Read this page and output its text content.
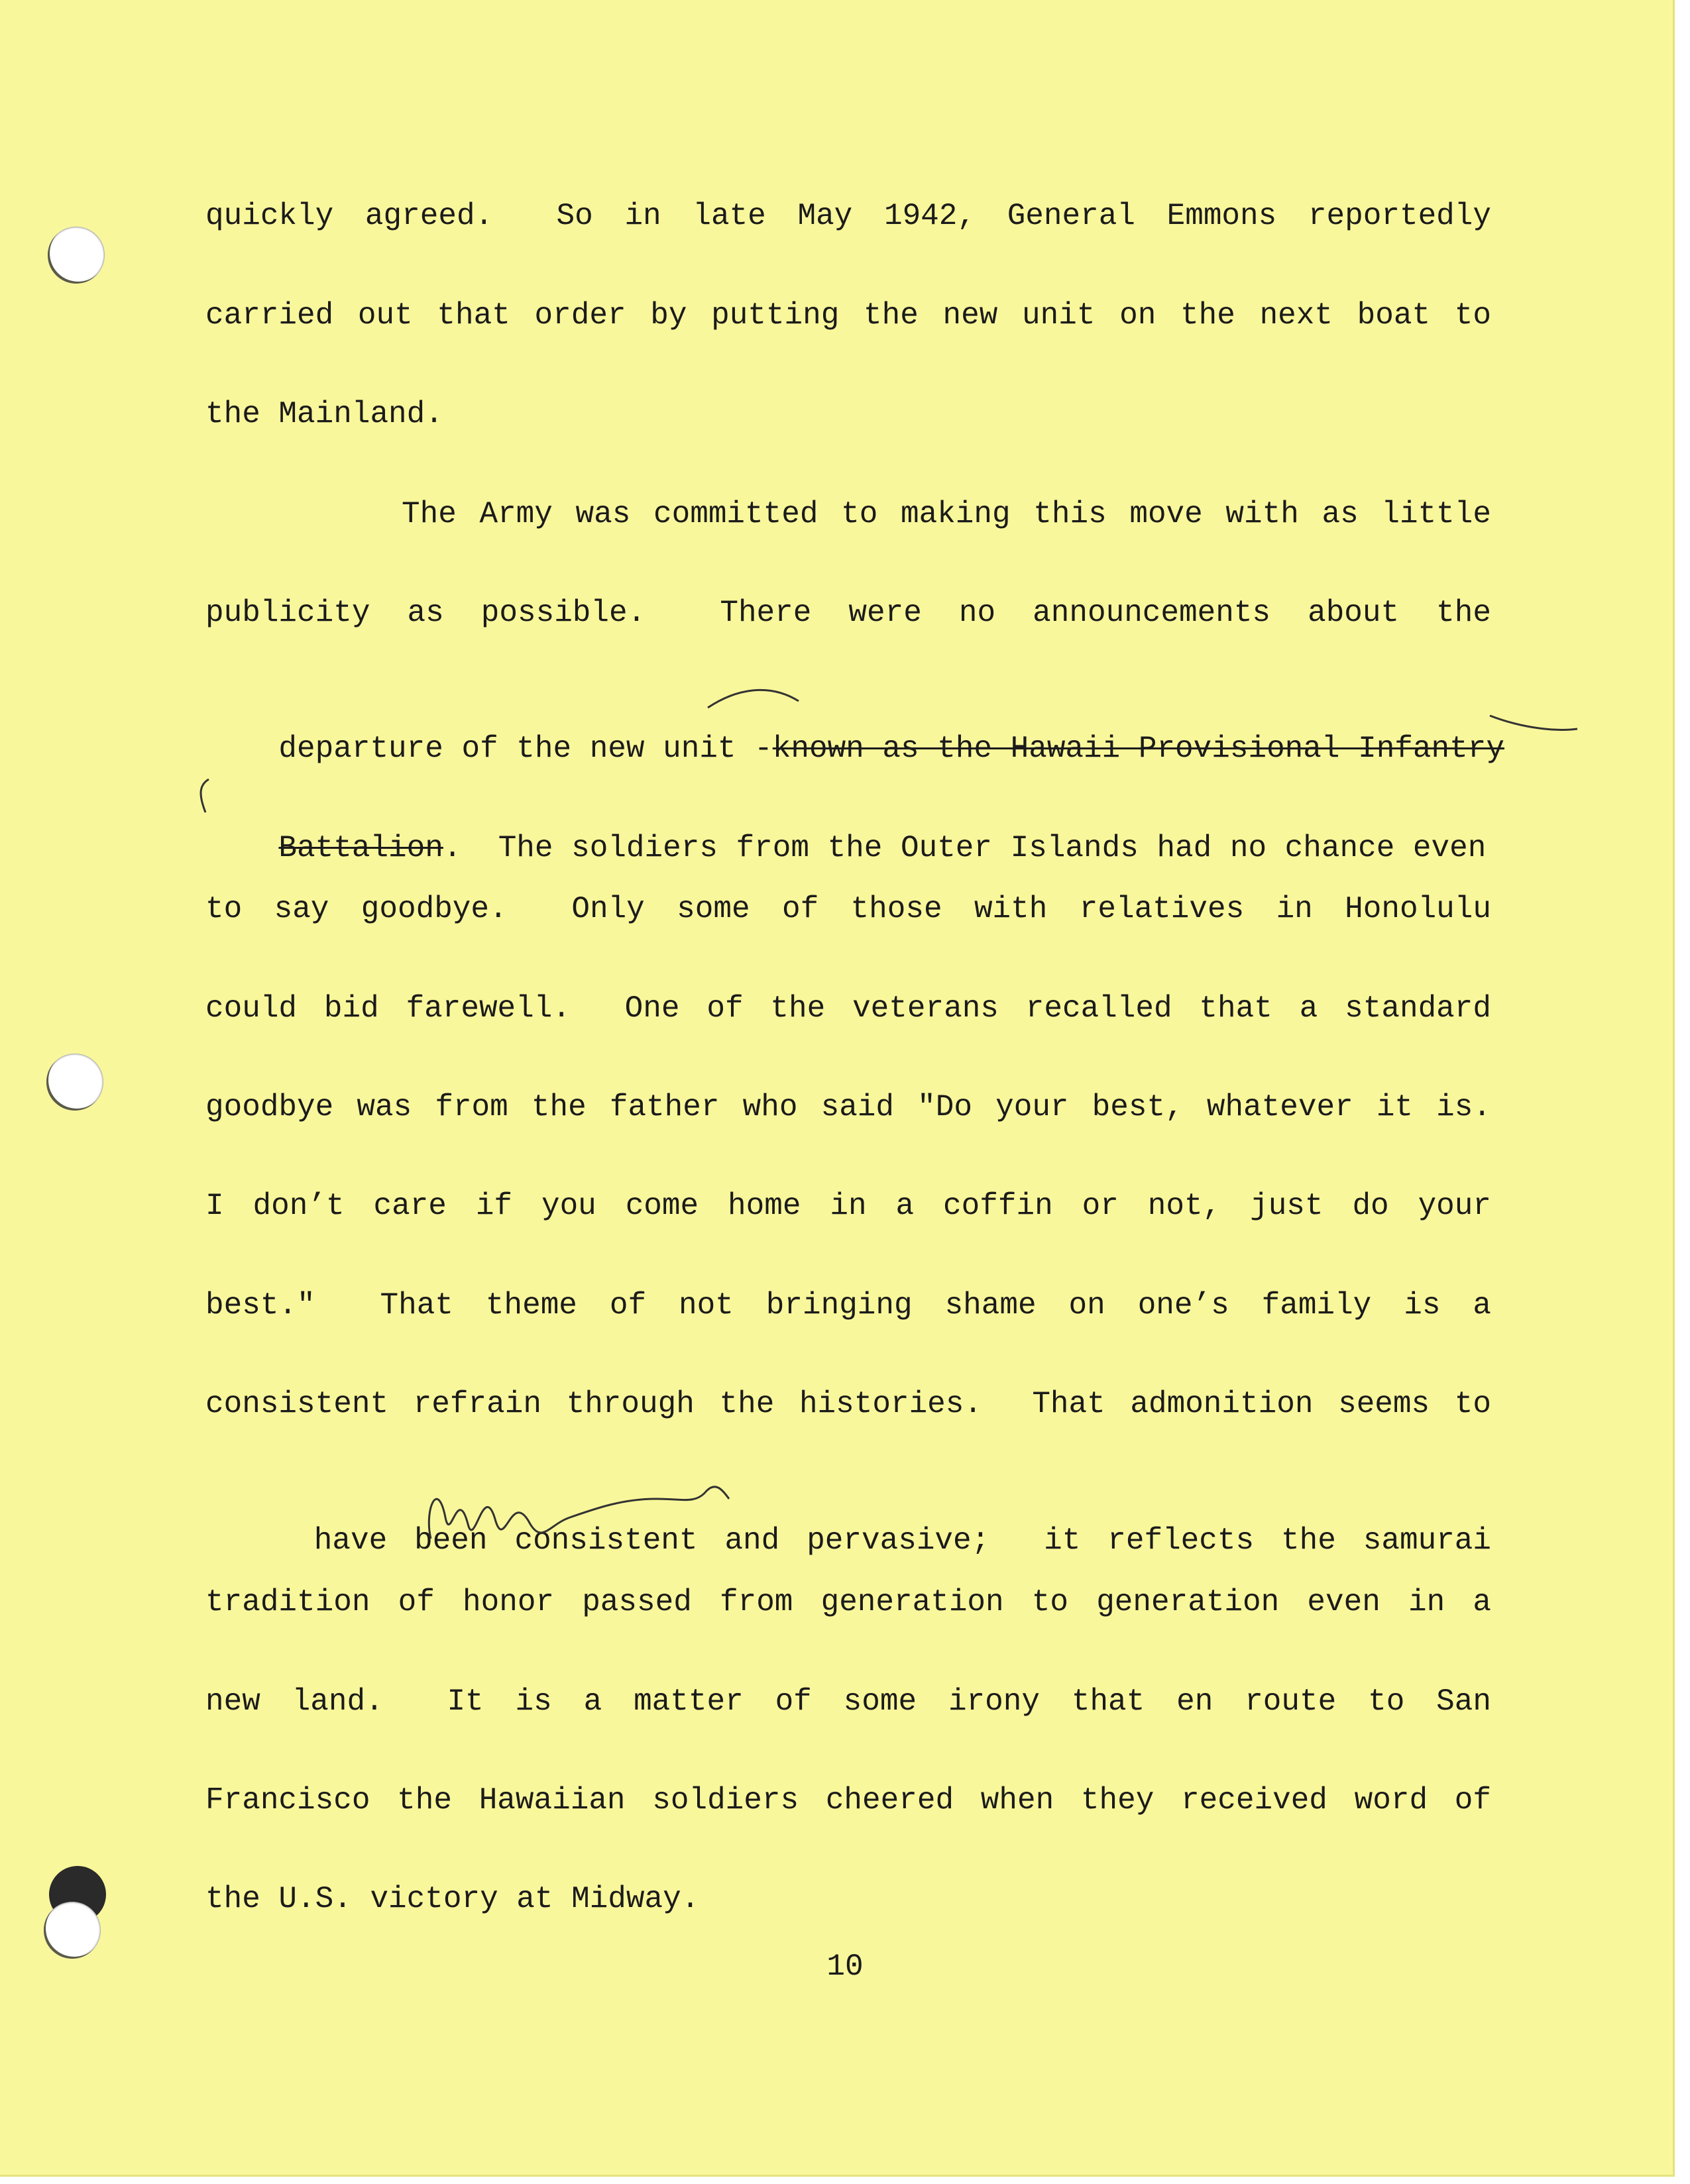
quickly agreed.  So in late May 1942, General Emmons reportedly
carried out that order by putting the new unit on the next boat to
the Mainland.
The Army was committed to making this move with as little
publicity as possible.  There were no announcements about the

departure of the new unit -known as the Hawaii Provisional Infantry

Battalion.  The soldiers from the Outer Islands had no chance even

to say goodbye.  Only some of those with relatives in Honolulu
could bid farewell.  One of the veterans recalled that a standard
goodbye was from the father who said "Do your best, whatever it is.
I don’t care if you come home in a coffin or not, just do your
best."  That theme of not bringing shame on one’s family is a
consistent refrain through the histories.  That admonition seems to

have been consistent and pervasive;  it reflects the samurai

tradition of honor passed from generation to generation even in a
new land.  It is a matter of some irony that en route to San
Francisco the Hawaiian soldiers cheered when they received word of
the U.S. victory at Midway.
10
